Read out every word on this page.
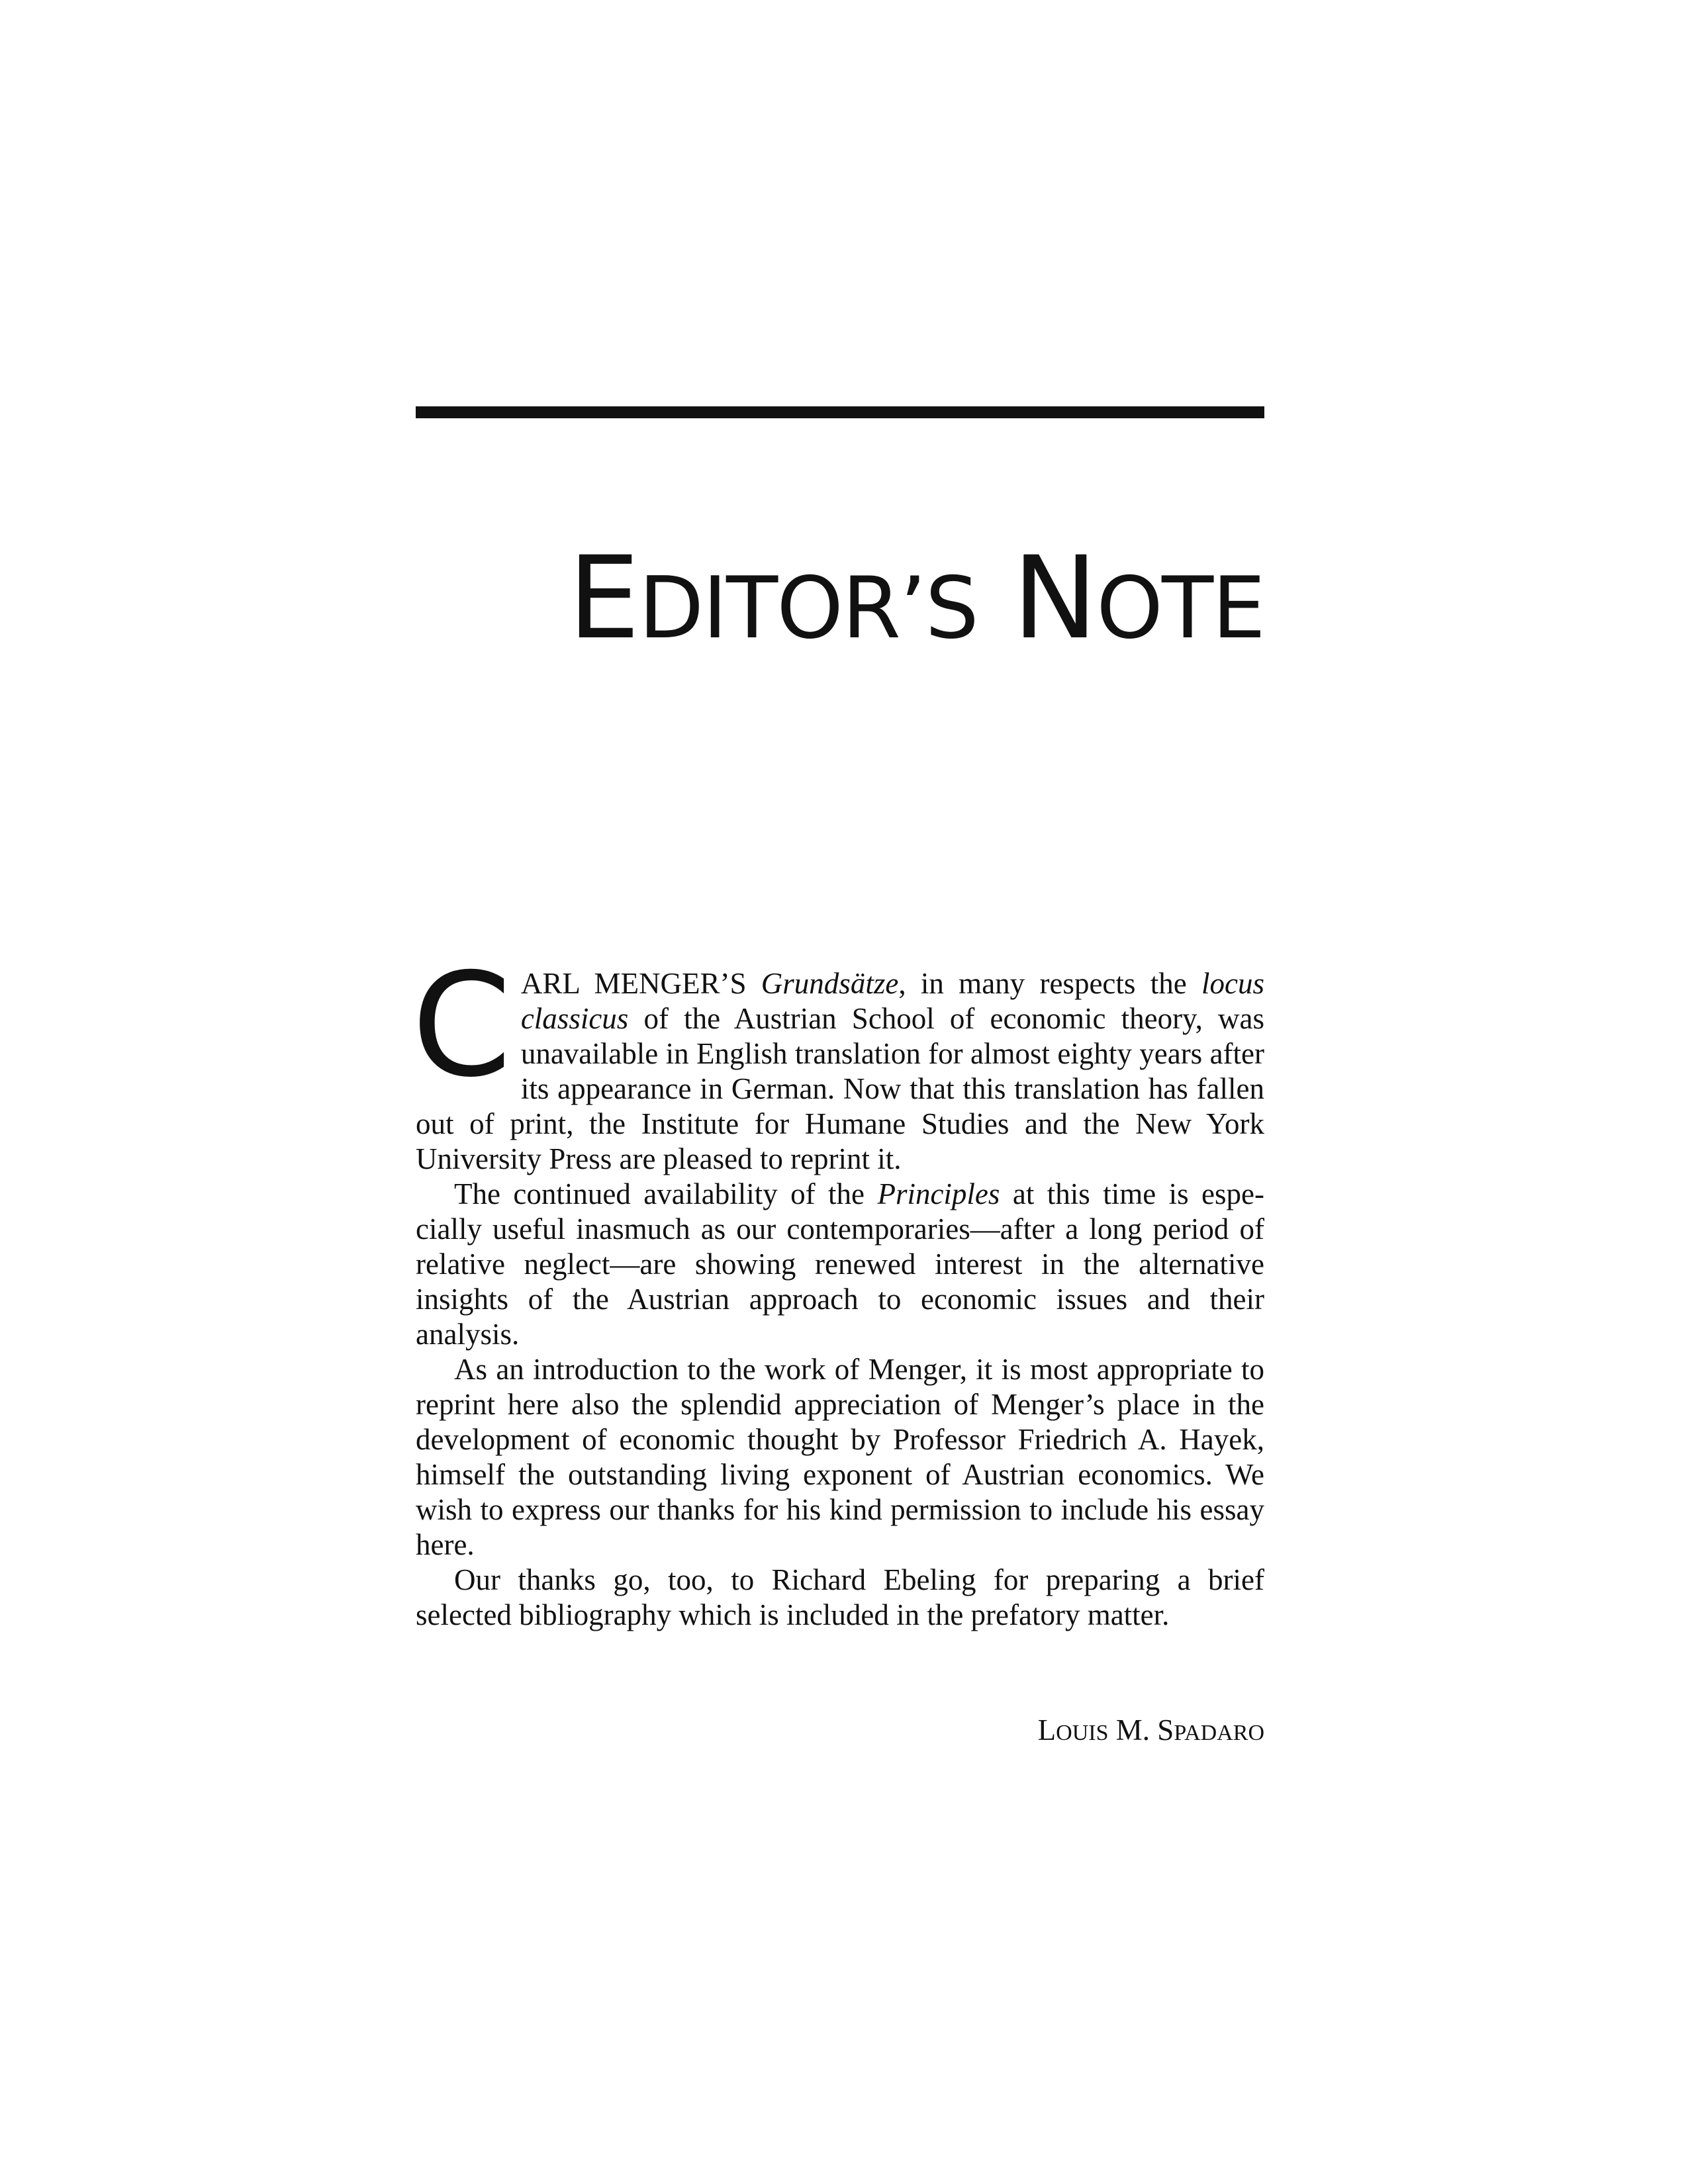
EDITOR’S NOTE

CARL MENGER’S Grundsätze, in many respects the locus classicus of the Austrian School of economic theory, was unavailable in English translation for almost eighty years after its appearance in German. Now that this translation has fallen out of print, the Institute for Humane Studies and the New York University Press are pleased to reprint it.

The continued availability of the Principles at this time is especially useful inasmuch as our contemporaries—after a long period of relative neglect—are showing renewed interest in the alternative insights of the Austrian approach to economic issues and their analysis.

As an introduction to the work of Menger, it is most appropriate to reprint here also the splendid appreciation of Menger’s place in the development of economic thought by Professor Friedrich A. Hayek, himself the outstanding living exponent of Austrian economics. We wish to express our thanks for his kind permission to include his essay here.

Our thanks go, too, to Richard Ebeling for preparing a brief selected bibliography which is included in the prefatory matter.

LOUIS M. SPADARO
